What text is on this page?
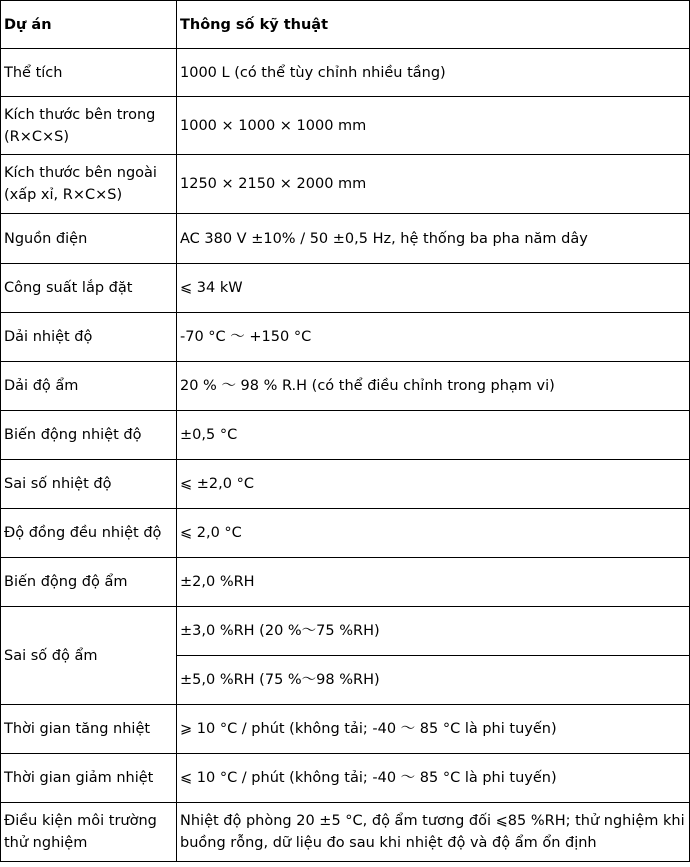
Dự án	Thông số kỹ thuật
Thể tích	1000 L (có thể tùy chỉnh nhiều tầng)
Kích thước bên trong (R×C×S)	1000 × 1000 × 1000 mm
Kích thước bên ngoài (xấp xỉ, R×C×S)	1250 × 2150 × 2000 mm
Nguồn điện	AC 380 V ±10% / 50 ±0,5 Hz, hệ thống ba pha năm dây
Công suất lắp đặt	⩽ 34 kW
Dải nhiệt độ	-70 °C ～ +150 °C
Dải độ ẩm	20 % ～ 98 % R.H (có thể điều chỉnh trong phạm vi)
Biến động nhiệt độ	±0,5 °C
Sai số nhiệt độ	⩽ ±2,0 °C
Độ đồng đều nhiệt độ	⩽ 2,0 °C
Biến động độ ẩm	±2,0 %RH
Sai số độ ẩm	±3,0 %RH (20 %～75 %RH)
	±5,0 %RH (75 %～98 %RH)
Thời gian tăng nhiệt	⩾ 10 °C / phút (không tải; -40 ～ 85 °C là phi tuyến)
Thời gian giảm nhiệt	⩽ 10 °C / phút (không tải; -40 ～ 85 °C là phi tuyến)
Điều kiện môi trường thử nghiệm	Nhiệt độ phòng 20 ±5 °C, độ ẩm tương đối ⩽85 %RH; thử nghiệm khi buồng rỗng, dữ liệu đo sau khi nhiệt độ và độ ẩm ổn định
